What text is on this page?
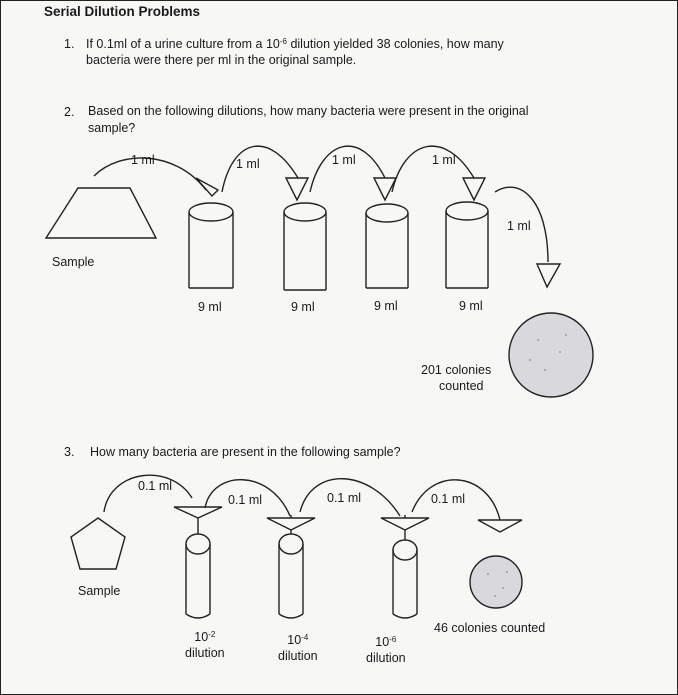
Serial Dilution Problems
1. If 0.1ml of a urine culture from a $10^{-6}$ dilution yielded 38 colonies, how many
bacteria were there per ml in the original sample.
2. Based on the following dilutions, how many bacteria were present in the original
sample?
1 ml	1 ml	1 ml	1 ml
1 ml
Sample
9 ml	9 ml	9 ml	9 ml
201 colonies
counted
3. How many bacteria are present in the following sample?
0.1 ml
0.1 ml	0.1 ml	0.1 ml
Sample
46 colonies counted
$10^{-2}$
dilution
$10^{-4}$
dilution
$10^{-6}$
dilution
